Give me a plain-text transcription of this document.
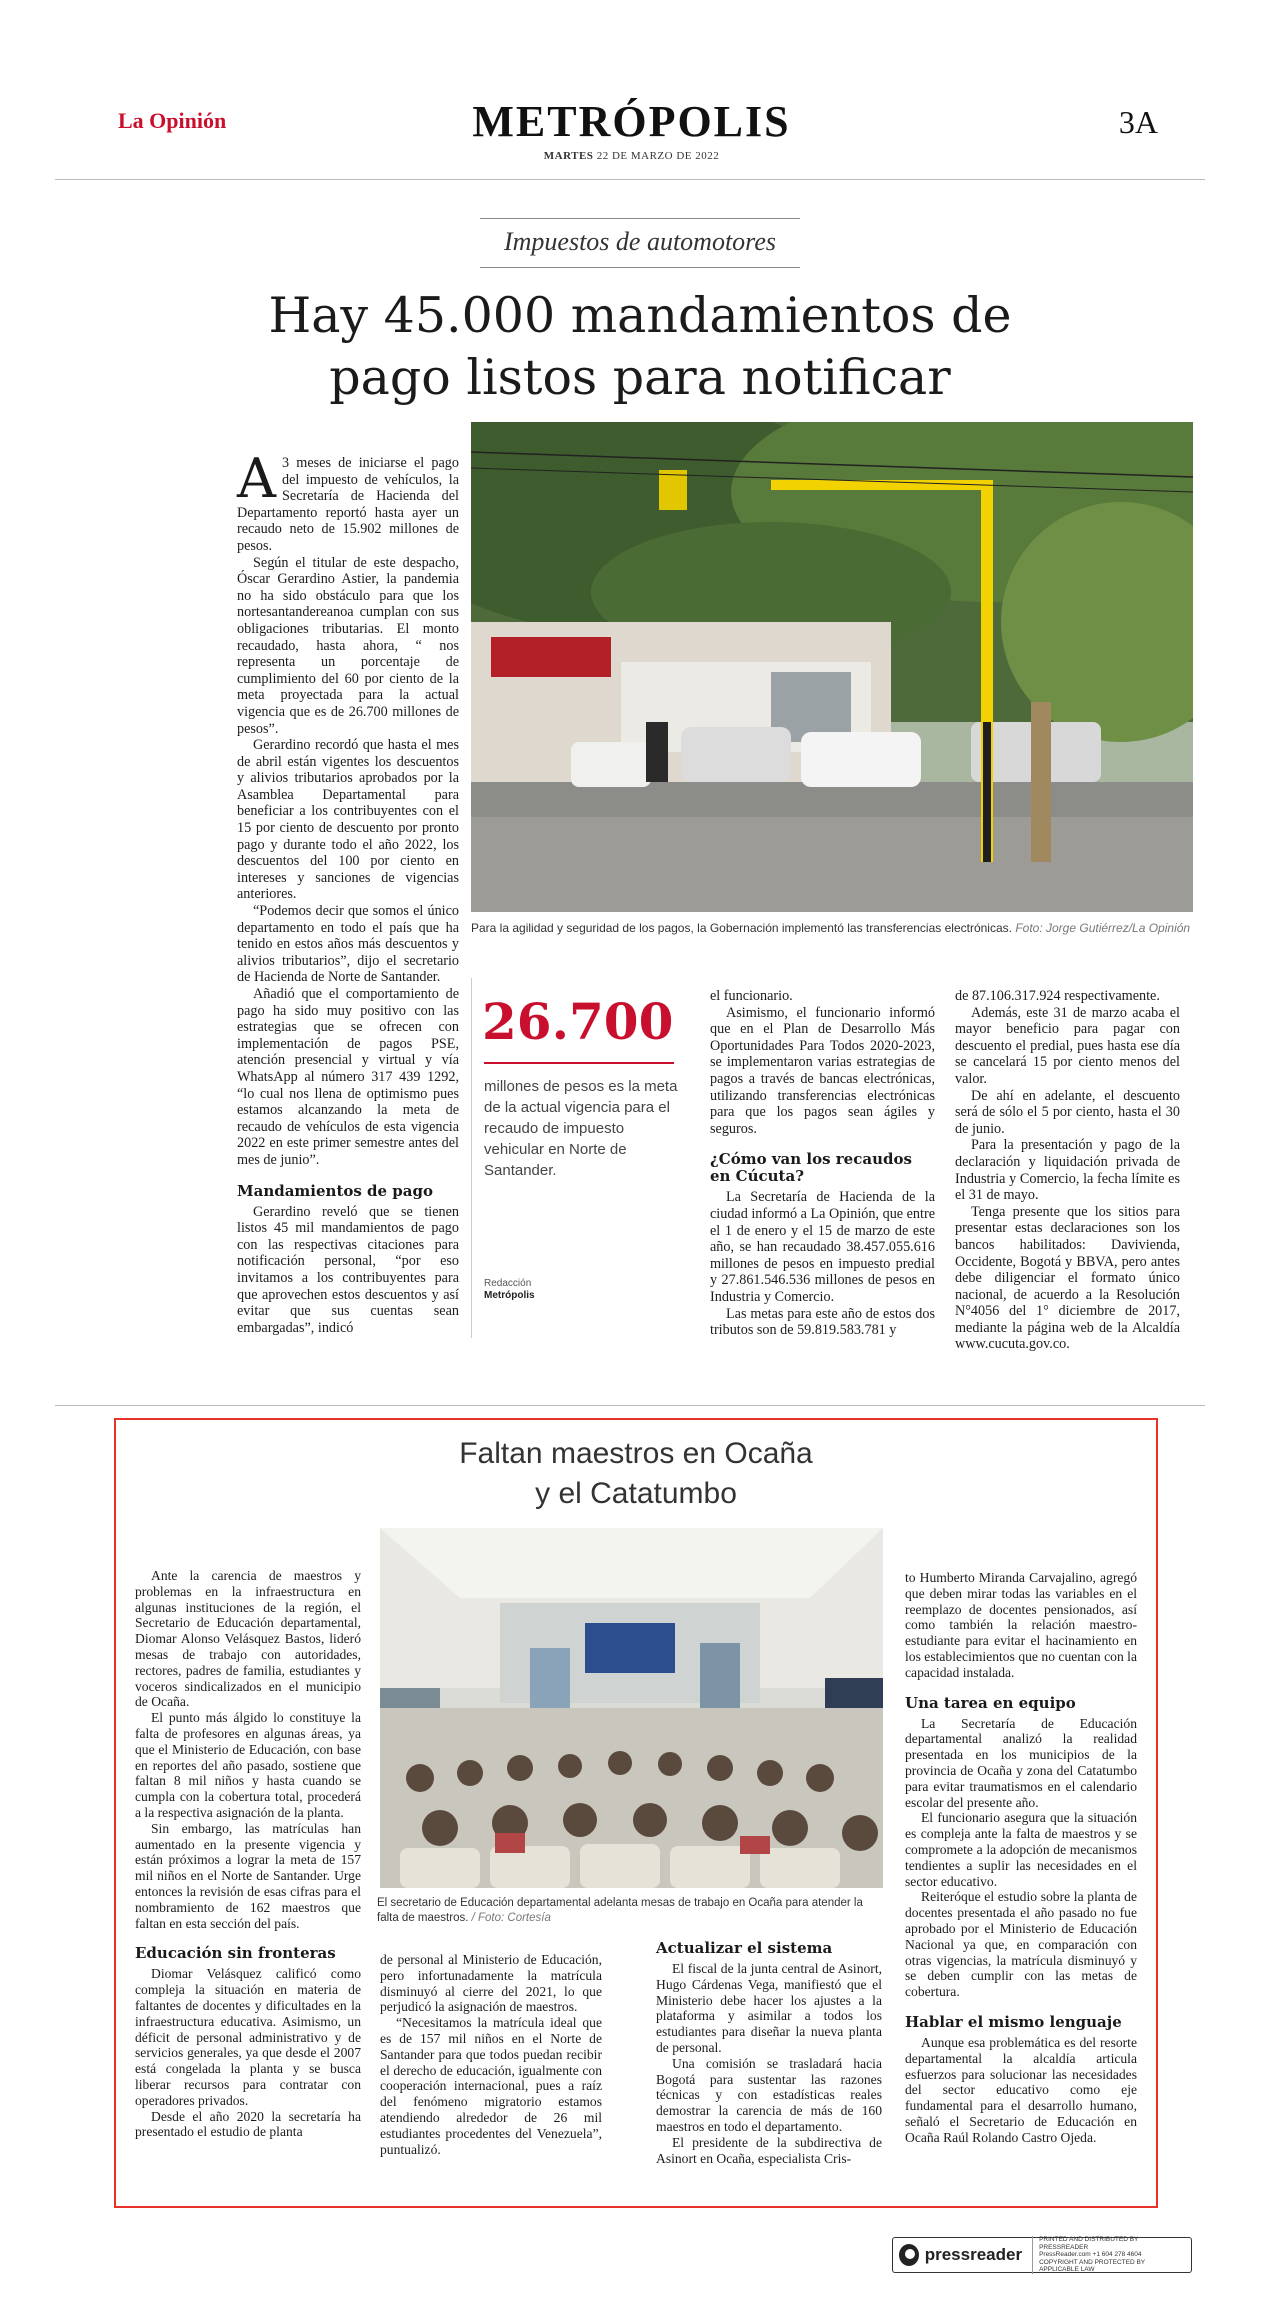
La Opinión	METRÓPOLIS
MARTES 22 DE MARZO DE 2022
3A
Impuestos de automotores
Hay 45.000 mandamientos de
pago listos para notificar

A 3 meses de iniciarse el pago del impuesto de vehículos, la Secretaría de Hacienda del Departamento reportó hasta ayer un recaudo neto de 15.902 millones de pesos.

Según el titular de este despacho, Óscar Gerardino Astier, la pandemia no ha sido obstáculo para que los nortesantandereanoa cumplan con sus obligaciones tributarias. El monto recaudado, hasta ahora, “ nos representa un porcentaje de cumplimiento del 60 por ciento de la meta proyectada para la actual vigencia que es de 26.700 millones de pesos”.

Gerardino recordó que hasta el mes de abril están vigentes los descuentos y alivios tributarios aprobados por la Asamblea Departamental para beneficiar a los contribuyentes con el 15 por ciento de descuento por pronto pago y durante todo el año 2022, los descuentos del 100 por ciento en intereses y sanciones de vigencias anteriores.

“Podemos decir que somos el único departamento en todo el país que ha tenido en estos años más descuentos y alivios tributarios”, dijo el secretario de Hacienda de Norte de Santander.

Añadió que el comportamiento de pago ha sido muy positivo con las estrategias que se ofrecen con implementación de pagos PSE, atención presencial y virtual y vía WhatsApp al número 317 439 1292, “lo cual nos llena de optimismo pues estamos alcanzando la meta de recaudo de vehículos de esta vigencia 2022 en este primer semestre antes del mes de junio”.

Mandamientos de pago

Gerardino reveló que se tienen listos 45 mil mandamientos de pago con las respectivas citaciones para notificación personal, “por eso invitamos a los contribuyentes para que aprovechen estos descuentos y así evitar que sus cuentas sean embargadas”, indicó

Para la agilidad y seguridad de los pagos, la Gobernación implementó las transferencias electrónicas. Foto: Jorge Gutiérrez/La Opinión
26.700
millones de pesos es la meta de la actual vigencia para el recaudo de impuesto vehicular en Norte de Santander.
Redacción
Metrópolis

el funcionario.

Asimismo, el funcionario informó que en el Plan de Desarrollo Más Oportunidades Para Todos 2020-2023, se implementaron varias estrategias de pagos a través de bancas electrónicas, utilizando transferencias electrónicas para que los pagos sean ágiles y seguros.

¿Cómo van los recaudos en Cúcuta?

La Secretaría de Hacienda de la ciudad informó a La Opinión, que entre el 1 de enero y el 15 de marzo de este año, se han recaudado 38.457.055.616 millones de pesos en impuesto predial y 27.861.546.536 millones de pesos en Industria y Comercio.

Las metas para este año de estos dos tributos son de 59.819.583.781 y

de 87.106.317.924 respectivamente.

Además, este 31 de marzo acaba el mayor beneficio para pagar con descuento el predial, pues hasta ese día se cancelará 15 por ciento menos del valor.

De ahí en adelante, el descuento será de sólo el 5 por ciento, hasta el 30 de junio.

Para la presentación y pago de la declaración y liquidación privada de Industria y Comercio, la fecha límite es el 31 de mayo.

Tenga presente que los sitios para presentar estas declaraciones son los bancos habilitados: Davivienda, Occidente, Bogotá y BBVA, pero antes debe diligenciar el formato único nacional, de acuerdo a la Resolución N°4056 del 1° diciembre de 2017, mediante la página web de la Alcaldía www.cucuta.gov.co.

Faltan maestros en Ocaña
y el Catatumbo

Ante la carencia de maestros y problemas en la infraestructura en algunas instituciones de la región, el Secretario de Educación departamental, Diomar Alonso Velásquez Bastos, lideró mesas de trabajo con autoridades, rectores, padres de familia, estudiantes y voceros sindicalizados en el municipio de Ocaña.

El punto más álgido lo constituye la falta de profesores en algunas áreas, ya que el Ministerio de Educación, con base en reportes del año pasado, sostiene que faltan 8 mil niños y hasta cuando se cumpla con la cobertura total, procederá a la respectiva asignación de la planta.

Sin embargo, las matrículas han aumentado en la presente vigencia y están próximos a lograr la meta de 157 mil niños en el Norte de Santander. Urge entonces la revisión de esas cifras para el nombramiento de 162 maestros que faltan en esta sección del país.

Educación sin fronteras

Diomar Velásquez calificó como compleja la situación en materia de faltantes de docentes y dificultades en la infraestructura educativa. Asimismo, un déficit de personal administrativo y de servicios generales, ya que desde el 2007 está congelada la planta y se busca liberar recursos para contratar con operadores privados.

Desde el año 2020 la secretaría ha presentado el estudio de planta

El secretario de Educación departamental adelanta mesas de trabajo en Ocaña para atender la falta de maestros. / Foto: Cortesía

de personal al Ministerio de Educación, pero infortunadamente la matrícula disminuyó al cierre del 2021, lo que perjudicó la asignación de maestros.

“Necesitamos la matrícula ideal que es de 157 mil niños en el Norte de Santander para que todos puedan recibir el derecho de educación, igualmente con cooperación internacional, pues a raíz del fenómeno migratorio estamos atendiendo alrededor de 26 mil estudiantes procedentes del Venezuela”, puntualizó.

Actualizar el sistema

El fiscal de la junta central de Asinort, Hugo Cárdenas Vega, manifiestó que el Ministerio debe hacer los ajustes a la plataforma y asimilar a todos los estudiantes para diseñar la nueva planta de personal.

Una comisión se trasladará hacia Bogotá para sustentar las razones técnicas y con estadísticas reales demostrar la carencia de más de 160 maestros en todo el departamento.

El presidente de la subdirectiva de Asinort en Ocaña, especialista Cris-

to Humberto Miranda Carvajalino, agregó que deben mirar todas las variables en el reemplazo de docentes pensionados, así como también la relación maestro-estudiante para evitar el hacinamiento en los establecimientos que no cuentan con la capacidad instalada.

Una tarea en equipo

La Secretaría de Educación departamental analizó la realidad presentada en los municipios de la provincia de Ocaña y zona del Catatumbo para evitar traumatismos en el calendario escolar del presente año.

El funcionario asegura que la situación es compleja ante la falta de maestros y se compromete a la adopción de mecanismos tendientes a suplir las necesidades en el sector educativo.

Reiteróque el estudio sobre la planta de docentes presentada el año pasado no fue aprobado por el Ministerio de Educación Nacional ya que, en comparación con otras vigencias, la matrícula disminuyó y se deben cumplir con las metas de cobertura.

Hablar el mismo lenguaje

Aunque esa problemática es del resorte departamental la alcaldía articula esfuerzos para solucionar las necesidades del sector educativo como eje fundamental para el desarrollo humano, señaló el Secretario de Educación en Ocaña Raúl Rolando Castro Ojeda.

pressreader
PRINTED AND DISTRIBUTED BY PRESSREADER
PressReader.com +1 604 278 4604
COPYRIGHT AND PROTECTED BY APPLICABLE LAW
